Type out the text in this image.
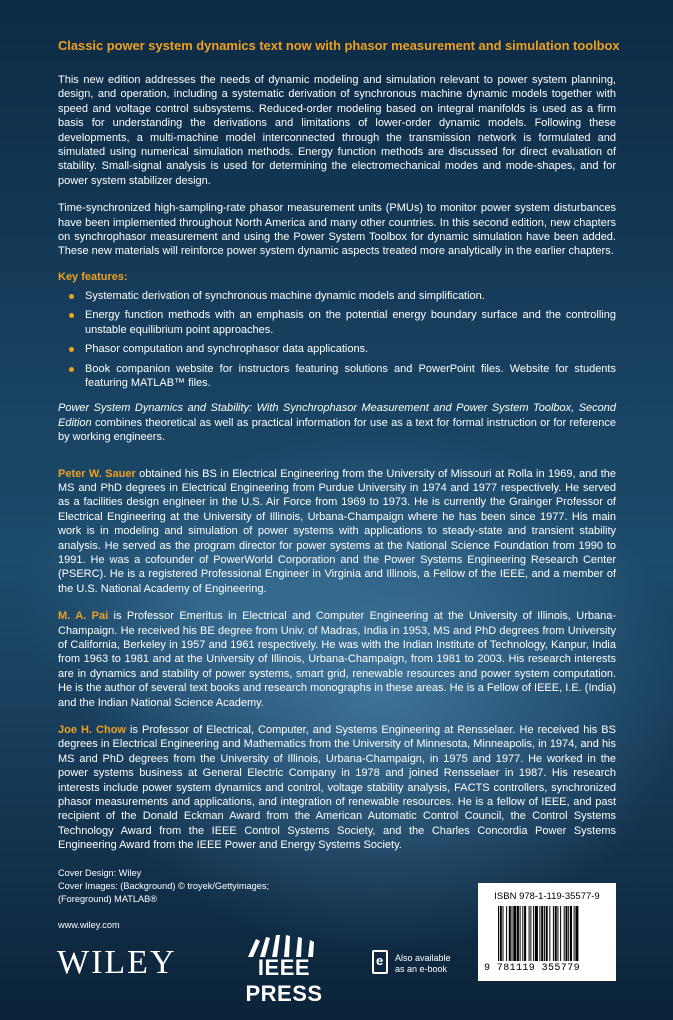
Classic power system dynamics text now with phasor measurement and simulation toolbox

This new edition addresses the needs of dynamic modeling and simulation relevant to power system planning, design, and operation, including a systematic derivation of synchronous machine dynamic models together with speed and voltage control subsystems. Reduced-order modeling based on integral manifolds is used as a firm basis for understanding the derivations and limitations of lower-order dynamic models. Following these developments, a multi-machine model interconnected through the transmission network is formulated and simulated using numerical simulation methods. Energy function methods are discussed for direct evaluation of stability. Small-signal analysis is used for determining the electromechanical modes and mode-shapes, and for power system stabilizer design.

Time-synchronized high-sampling-rate phasor measurement units (PMUs) to monitor power system disturbances have been implemented throughout North America and many other countries. In this second edition, new chapters on synchrophasor measurement and using the Power System Toolbox for dynamic simulation have been added. These new materials will reinforce power system dynamic aspects treated more analytically in the earlier chapters.

Key features:
Systematic derivation of synchronous machine dynamic models and simplification.
Energy function methods with an emphasis on the potential energy boundary surface and the controlling unstable equilibrium point approaches.
Phasor computation and synchrophasor data applications.
Book companion website for instructors featuring solutions and PowerPoint files. Website for students featuring MATLAB™ files.

Power System Dynamics and Stability: With Synchrophasor Measurement and Power System Toolbox, Second Edition combines theoretical as well as practical information for use as a text for formal instruction or for reference by working engineers.

Peter W. Sauer obtained his BS in Electrical Engineering from the University of Missouri at Rolla in 1969, and the MS and PhD degrees in Electrical Engineering from Purdue University in 1974 and 1977 respectively. He served as a facilities design engineer in the U.S. Air Force from 1969 to 1973. He is currently the Grainger Professor of Electrical Engineering at the University of Illinois, Urbana-Champaign where he has been since 1977. His main work is in modeling and simulation of power systems with applications to steady-state and transient stability analysis. He served as the program director for power systems at the National Science Foundation from 1990 to 1991. He was a cofounder of PowerWorld Corporation and the Power Systems Engineering Research Center (PSERC). He is a registered Professional Engineer in Virginia and Illinois, a Fellow of the IEEE, and a member of the U.S. National Academy of Engineering.

M. A. Pai is Professor Emeritus in Electrical and Computer Engineering at the University of Illinois, Urbana-Champaign. He received his BE degree from Univ. of Madras, India in 1953, MS and PhD degrees from University of California, Berkeley in 1957 and 1961 respectively. He was with the Indian Institute of Technology, Kanpur, India from 1963 to 1981 and at the University of Illinois, Urbana-Champaign, from 1981 to 2003. His research interests are in dynamics and stability of power systems, smart grid, renewable resources and power system computation. He is the author of several text books and research monographs in these areas. He is a Fellow of IEEE, I.E. (India) and the Indian National Science Academy.

Joe H. Chow is Professor of Electrical, Computer, and Systems Engineering at Rensselaer. He received his BS degrees in Electrical Engineering and Mathematics from the University of Minnesota, Minneapolis, in 1974, and his MS and PhD degrees from the University of Illinois, Urbana-Champaign, in 1975 and 1977. He worked in the power systems business at General Electric Company in 1978 and joined Rensselaer in 1987. His research interests include power system dynamics and control, voltage stability analysis, FACTS controllers, synchronized phasor measurements and applications, and integration of renewable resources. He is a fellow of IEEE, and past recipient of the Donald Eckman Award from the American Automatic Control Council, the Control Systems Technology Award from the IEEE Control Systems Society, and the Charles Concordia Power Systems Engineering Award from the IEEE Power and Energy Systems Society.

Cover Design: Wiley
Cover Images: (Background) © troyek/Gettyimages;
(Foreground) MATLAB®
www.wiley.com
WILEY	IEEE PRESS
e
Also available
as an e-book
ISBN 978-1-119-35577-9
9 781119 355779
